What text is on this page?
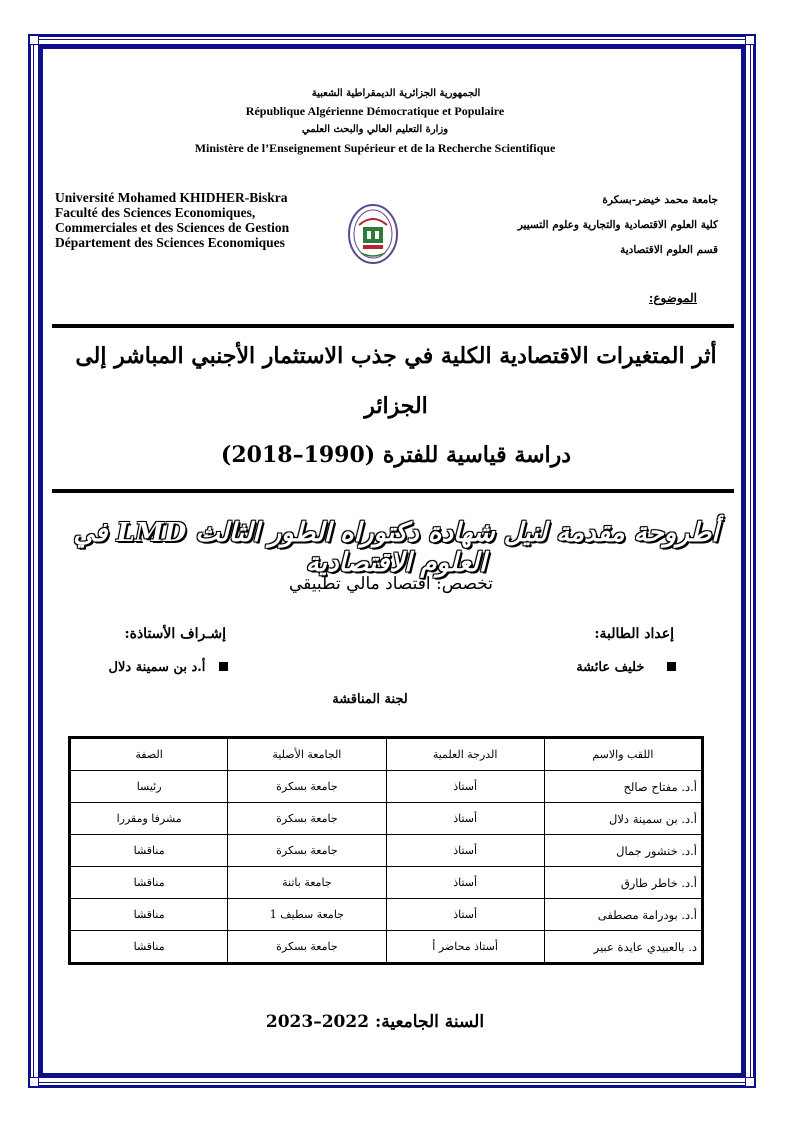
الجمهورية الجزائرية الديمقراطية الشعبية
République Algérienne Démocratique et Populaire
وزارة التعليم العالي والبحث العلمي
Ministère de l’Enseignement Supérieur et de la Recherche Scientifique
Université Mohamed KHIDHER-Biskra
Faculté des Sciences Economiques,
Commerciales et des Sciences de Gestion
Département des Sciences Economiques
جامعة محمد خيضر-بسكرة
كلية العلوم الاقتصادية والتجارية وعلوم التسيير
قسم العلوم الاقتصادية
الموضوع:
أثر المتغيرات الاقتصادية الكلية في جذب الاستثمار الأجنبي المباشر إلى
الجزائر
دراسة قياسية للفترة (1990–2018)
أطروحة مقدمة لنيل شهادة دكتوراه الطور الثالث LMD في العلوم الاقتصادية
تخصص: اقتصاد مالي تطبيقي
إعداد الطالبة:
إشـراف الأستاذة:
خليف عائشة
أ.د بن سمينة دلال
لجنة المناقشة
اللقب والاسم	الدرجة العلمية	الجامعة الأصلية	الصفة
أ.د. مفتاح صالح	أستاذ	جامعة بسكرة	رئيسا
أ.د. بن سمينة دلال	أستاذ	جامعة بسكرة	مشرفا ومقررا
أ.د. خنشور جمال	أستاذ	جامعة بسكرة	مناقشا
أ.د. خاطر طارق	أستاذ	جامعة باتنة	مناقشا
أ.د. بودرامة مصطفى	أستاذ	جامعة سطيف 1	مناقشا
د. بالعبيدي عايدة عبير	أستاذ محاضر أ	جامعة بسكرة	مناقشا
السنة الجامعية: 2022–2023
